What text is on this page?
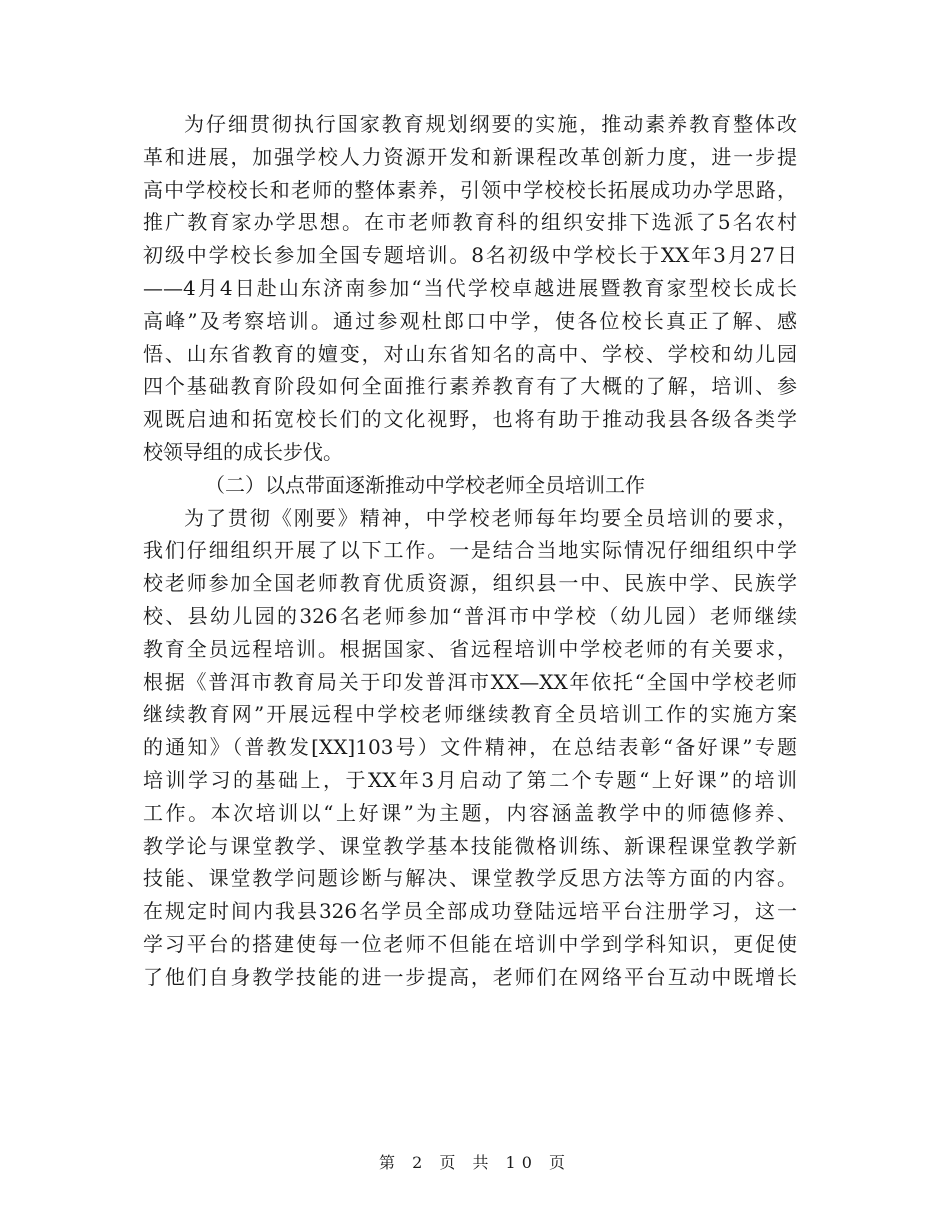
为仔细贯彻执行国家教育规划纲要的实施，推动素养教育整体改
革和进展，加强学校人力资源开发和新课程改革创新力度，进一步提
高中学校校长和老师的整体素养，引领中学校校长拓展成功办学思路，
推广教育家办学思想。在市老师教育科的组织安排下选派了5名农村
初级中学校长参加全国专题培训。8名初级中学校长于XX年3月27日
——4月4日赴山东济南参加“当代学校卓越进展暨教育家型校长成长
高峰”及考察培训。通过参观杜郎口中学，使各位校长真正了解、感
悟、山东省教育的嬗变，对山东省知名的高中、学校、学校和幼儿园
四个基础教育阶段如何全面推行素养教育有了大概的了解，培训、参
观既启迪和拓宽校长们的文化视野，也将有助于推动我县各级各类学
校领导组的成长步伐。
（二）以点带面逐渐推动中学校老师全员培训工作
为了贯彻《刚要》精神，中学校老师每年均要全员培训的要求，
我们仔细组织开展了以下工作。一是结合当地实际情况仔细组织中学
校老师参加全国老师教育优质资源，组织县一中、民族中学、民族学
校、县幼儿园的326名老师参加“普洱市中学校（幼儿园）老师继续
教育全员远程培训。根据国家、省远程培训中学校老师的有关要求，
根据《普洱市教育局关于印发普洱市XX—XX年依托“全国中学校老师
继续教育网”开展远程中学校老师继续教育全员培训工作的实施方案
的通知》（普教发[XX]103号）文件精神，在总结表彰“备好课”专题
培训学习的基础上，于XX年3月启动了第二个专题“上好课”的培训
工作。本次培训以“上好课”为主题，内容涵盖教学中的师德修养、
教学论与课堂教学、课堂教学基本技能微格训练、新课程课堂教学新
技能、课堂教学问题诊断与解决、课堂教学反思方法等方面的内容。
在规定时间内我县326名学员全部成功登陆远培平台注册学习，这一
学习平台的搭建使每一位老师不但能在培训中学到学科知识，更促使
了他们自身教学技能的进一步提高，老师们在网络平台互动中既增长
第 2 页 共 10 页
